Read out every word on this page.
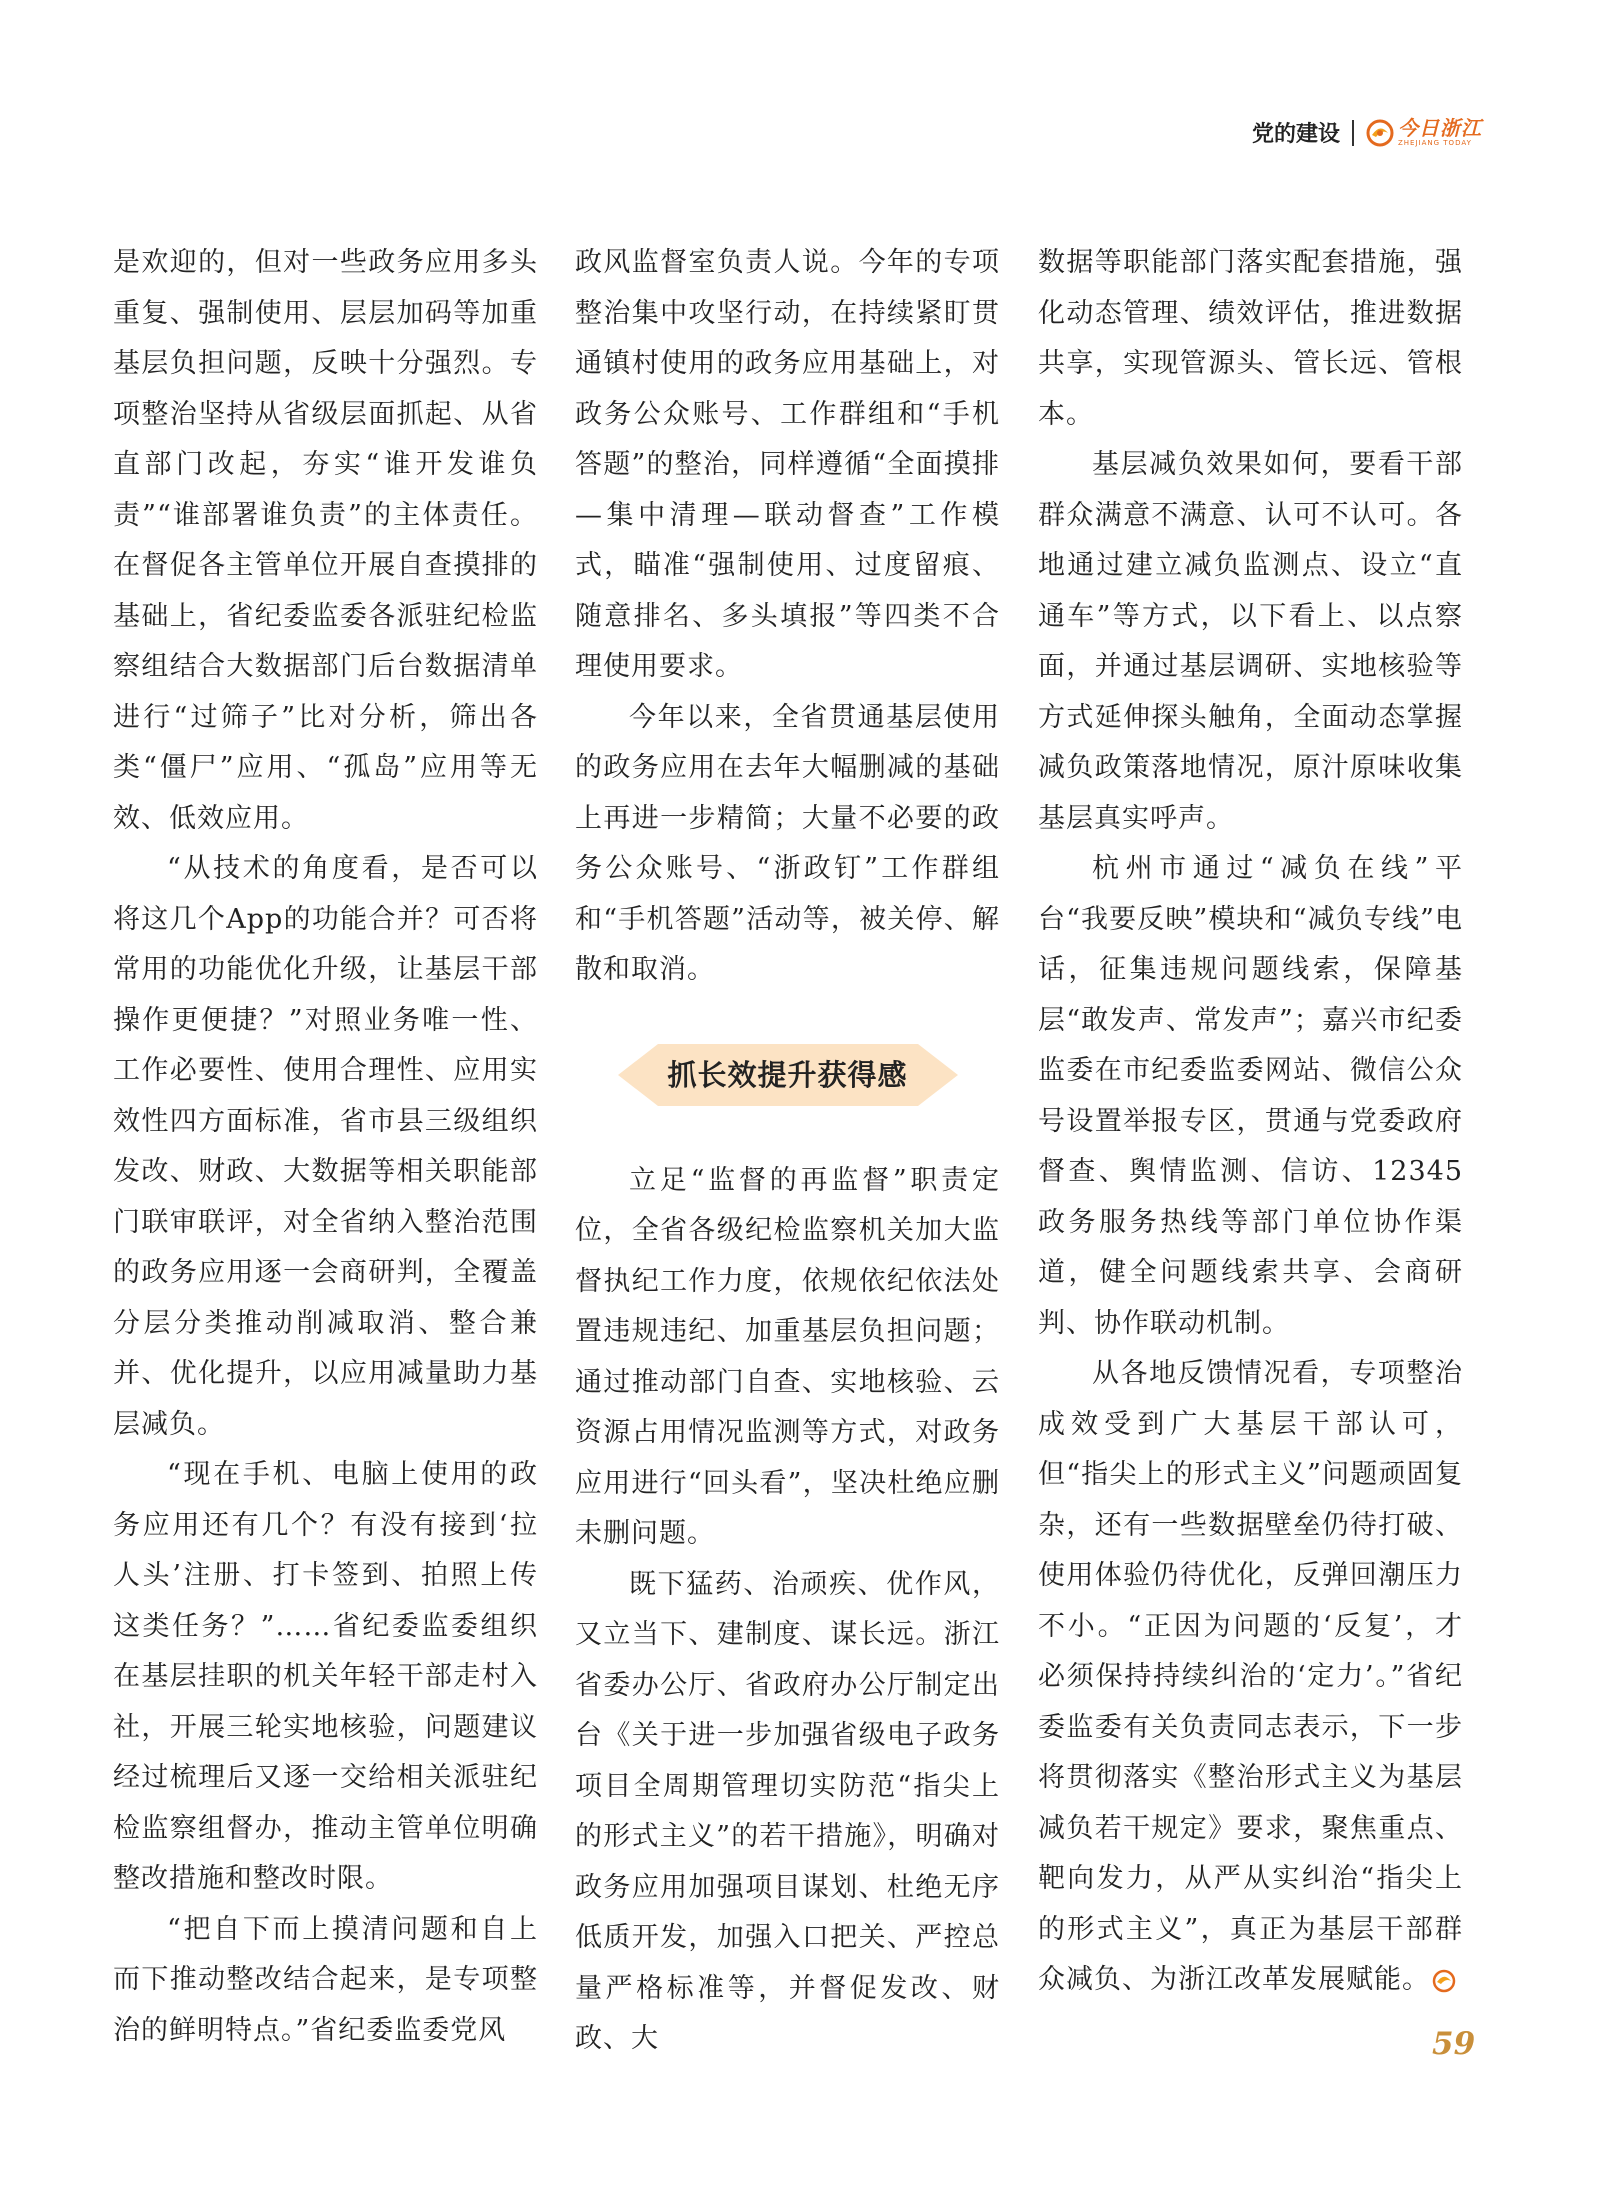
党的建设	今日浙江
ZHEJIANG TODAY

是欢迎的，但对一些政务应用多头重复、强制使用、层层加码等加重基层负担问题，反映十分强烈。专项整治坚持从省级层面抓起、从省直部门改起，夯实“谁开发谁负责”“谁部署谁负责”的主体责任。在督促各主管单位开展自查摸排的基础上，省纪委监委各派驻纪检监察组结合大数据部门后台数据清单进行“过筛子”比对分析，筛出各类“僵尸”应用、“孤岛”应用等无效、低效应用。

“从技术的角度看，是否可以将这几个App的功能合并？可否将常用的功能优化升级，让基层干部操作更便捷？”对照业务唯一性、工作必要性、使用合理性、应用实效性四方面标准，省市县三级组织发改、财政、大数据等相关职能部门联审联评，对全省纳入整治范围的政务应用逐一会商研判，全覆盖分层分类推动削减取消、整合兼并、优化提升，以应用减量助力基层减负。

“现在手机、电脑上使用的政务应用还有几个？有没有接到‘拉人头’注册、打卡签到、拍照上传这类任务？”……省纪委监委组织在基层挂职的机关年轻干部走村入社，开展三轮实地核验，问题建议经过梳理后又逐一交给相关派驻纪检监察组督办，推动主管单位明确整改措施和整改时限。

“把自下而上摸清问题和自上而下推动整改结合起来，是专项整治的鲜明特点。”省纪委监委党风

政风监督室负责人说。今年的专项整治集中攻坚行动，在持续紧盯贯通镇村使用的政务应用基础上，对政务公众账号、工作群组和“手机答题”的整治，同样遵循“全面摸排—集中清理—联动督查”工作模式，瞄准“强制使用、过度留痕、随意排名、多头填报”等四类不合理使用要求。

今年以来，全省贯通基层使用的政务应用在去年大幅删减的基础上再进一步精简；大量不必要的政务公众账号、“浙政钉”工作群组和“手机答题”活动等，被关停、解散和取消。

抓长效提升获得感

立足“监督的再监督”职责定位，全省各级纪检监察机关加大监督执纪工作力度，依规依纪依法处置违规违纪、加重基层负担问题；通过推动部门自查、实地核验、云资源占用情况监测等方式，对政务应用进行“回头看”，坚决杜绝应删未删问题。

既下猛药、治顽疾、优作风，又立当下、建制度、谋长远。浙江省委办公厅、省政府办公厅制定出台《关于进一步加强省级电子政务项目全周期管理切实防范“指尖上的形式主义”的若干措施》，明确对政务应用加强项目谋划、杜绝无序低质开发，加强入口把关、严控总量严格标准等，并督促发改、财政、大

数据等职能部门落实配套措施，强化动态管理、绩效评估，推进数据共享，实现管源头、管长远、管根本。

基层减负效果如何，要看干部群众满意不满意、认可不认可。各地通过建立减负监测点、设立“直通车”等方式，以下看上、以点察面，并通过基层调研、实地核验等方式延伸探头触角，全面动态掌握减负政策落地情况，原汁原味收集基层真实呼声。

杭州市通过“减负在线”平台“我要反映”模块和“减负专线”电话，征集违规问题线索，保障基层“敢发声、常发声”；嘉兴市纪委监委在市纪委监委网站、微信公众号设置举报专区，贯通与党委政府督查、舆情监测、信访、12345政务服务热线等部门单位协作渠道，健全问题线索共享、会商研判、协作联动机制。

从各地反馈情况看，专项整治成效受到广大基层干部认可，但“指尖上的形式主义”问题顽固复杂，还有一些数据壁垒仍待打破、使用体验仍待优化，反弹回潮压力不小。“正因为问题的‘反复’，才必须保持持续纠治的‘定力’。”省纪委监委有关负责同志表示，下一步将贯彻落实《整治形式主义为基层减负若干规定》要求，聚焦重点、靶向发力，从严从实纠治“指尖上的形式主义”，真正为基层干部群众减负、为浙江改革发展赋能。

59
